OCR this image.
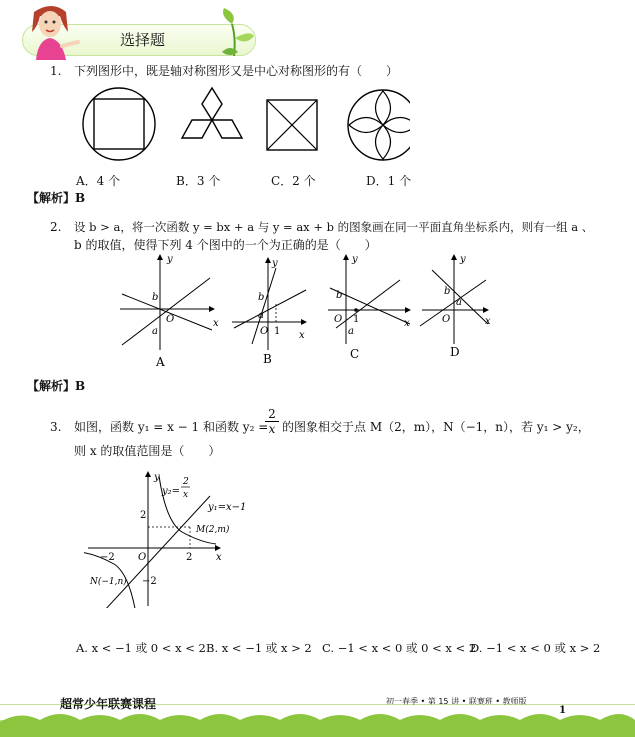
选择题
1. 下列图形中，既是轴对称图形又是中心对称图形的有（　　）
A．4 个	B．3 个	C．2 个	D．1 个
【解析】B
2. 设 b > a，将一次函数 y = bx + a 与 y = ax + b 的图象画在同一平面直角坐标系内，则有一组 a 、
b 的取值，使得下列 4 个图中的一个为正确的是（　　）
b
a
O	x
y
A
b
a
O 1 x
y
B
b
a
O 1	x
y
C
b
a
O	x
y
D
【解析】B
3. 如图，函数 y₁ = x − 1 和函数 y₂ =
$\frac{2}{x}$ 的图象相交于点 M（2，m），N（−1，n），若 y₁ > y₂，
则 x 的取值范围是（　　）
y
x
O
2
−2
2
−2
y₂=
2
x
y₁=x−1
M(2,m)
N(−1,n)
A. x < −1 或 0 < x < 2 B. x < −1 或 x > 2 C. −1 < x < 0 或 0 < x < 2
D. −1 < x < 0 或 x > 2
超常少年联赛课程	初一春季 • 第 15 讲 • 联赛班 • 教师版
1
